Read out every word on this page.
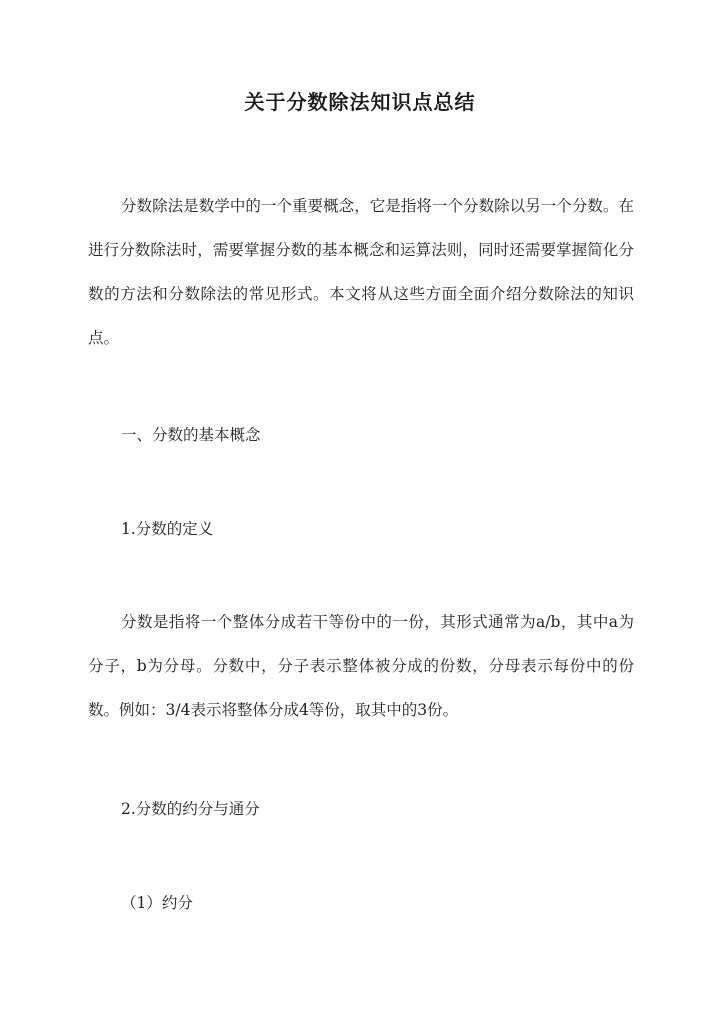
关于分数除法知识点总结
分数除法是数学中的一个重要概念，它是指将一个分数除以另一个分数。在进行分数除法时，需要掌握分数的基本概念和运算法则，同时还需要掌握简化分数的方法和分数除法的常见形式。本文将从这些方面全面介绍分数除法的知识点。
一、分数的基本概念
1.分数的定义
分数是指将一个整体分成若干等份中的一份，其形式通常为a/b，其中a为分子，b为分母。分数中，分子表示整体被分成的份数，分母表示每份中的份数。例如：3/4表示将整体分成4等份，取其中的3份。
2.分数的约分与通分
（1）约分
